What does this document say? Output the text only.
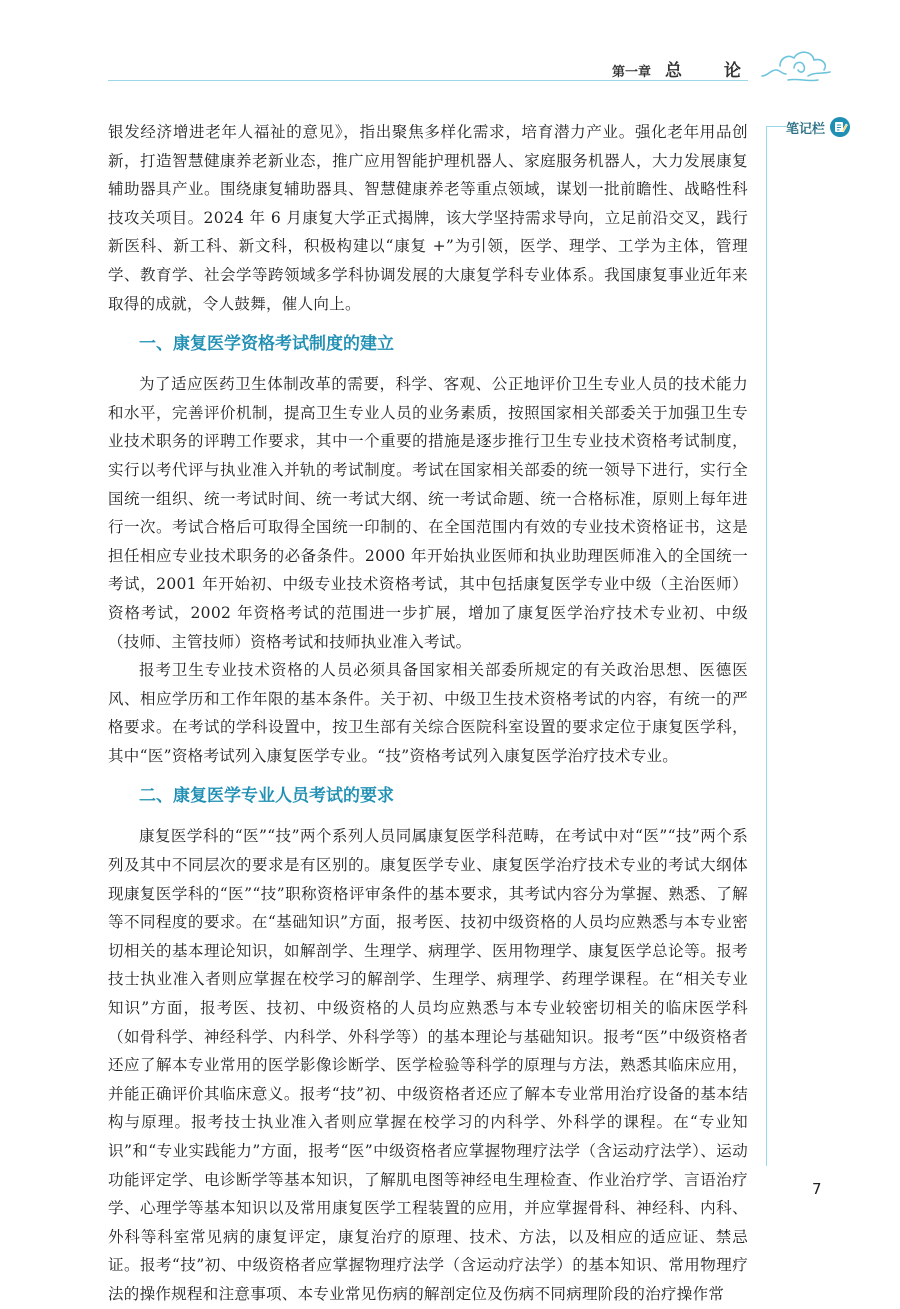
第一章 总 论
笔记栏

银发经济增进老年人福祉的意见》，指出聚焦多样化需求，培育潜力产业。强化老年用品创新，打造智慧健康养老新业态，推广应用智能护理机器人、家庭服务机器人，大力发展康复辅助器具产业。围绕康复辅助器具、智慧健康养老等重点领域，谋划一批前瞻性、战略性科技攻关项目。2024 年 6 月康复大学正式揭牌，该大学坚持需求导向，立足前沿交叉，践行新医科、新工科、新文科，积极构建以“康复 +”为引领，医学、理学、工学为主体，管理学、教育学、社会学等跨领域多学科协调发展的大康复学科专业体系。我国康复事业近年来取得的成就，令人鼓舞，催人向上。

一、康复医学资格考试制度的建立

为了适应医药卫生体制改革的需要，科学、客观、公正地评价卫生专业人员的技术能力和水平，完善评价机制，提高卫生专业人员的业务素质，按照国家相关部委关于加强卫生专业技术职务的评聘工作要求，其中一个重要的措施是逐步推行卫生专业技术资格考试制度，实行以考代评与执业准入并轨的考试制度。考试在国家相关部委的统一领导下进行，实行全国统一组织、统一考试时间、统一考试大纲、统一考试命题、统一合格标准，原则上每年进行一次。考试合格后可取得全国统一印制的、在全国范围内有效的专业技术资格证书，这是担任相应专业技术职务的必备条件。2000 年开始执业医师和执业助理医师准入的全国统一考试，2001 年开始初、中级专业技术资格考试，其中包括康复医学专业中级（主治医师）资格考试，2002 年资格考试的范围进一步扩展，增加了康复医学治疗技术专业初、中级（技师、主管技师）资格考试和技师执业准入考试。

报考卫生专业技术资格的人员必须具备国家相关部委所规定的有关政治思想、医德医风、相应学历和工作年限的基本条件。关于初、中级卫生技术资格考试的内容，有统一的严格要求。在考试的学科设置中，按卫生部有关综合医院科室设置的要求定位于康复医学科，其中“医”资格考试列入康复医学专业。“技”资格考试列入康复医学治疗技术专业。

二、康复医学专业人员考试的要求

康复医学科的“医”“技”两个系列人员同属康复医学科范畴，在考试中对“医”“技”两个系列及其中不同层次的要求是有区别的。康复医学专业、康复医学治疗技术专业的考试大纲体现康复医学科的“医”“技”职称资格评审条件的基本要求，其考试内容分为掌握、熟悉、了解等不同程度的要求。在“基础知识”方面，报考医、技初中级资格的人员均应熟悉与本专业密切相关的基本理论知识，如解剖学、生理学、病理学、医用物理学、康复医学总论等。报考技士执业准入者则应掌握在校学习的解剖学、生理学、病理学、药理学课程。在“相关专业知识”方面，报考医、技初、中级资格的人员均应熟悉与本专业较密切相关的临床医学科（如骨科学、神经科学、内科学、外科学等）的基本理论与基础知识。报考“医”中级资格者还应了解本专业常用的医学影像诊断学、医学检验等科学的原理与方法，熟悉其临床应用，并能正确评价其临床意义。报考“技”初、中级资格者还应了解本专业常用治疗设备的基本结构与原理。报考技士执业准入者则应掌握在校学习的内科学、外科学的课程。在“专业知识”和“专业实践能力”方面，报考“医”中级资格者应掌握物理疗法学（含运动疗法学）、运动功能评定学、电诊断学等基本知识，了解肌电图等神经电生理检查、作业治疗学、言语治疗学、心理学等基本知识以及常用康复医学工程装置的应用，并应掌握骨科、神经科、内科、外科等科室常见病的康复评定，康复治疗的原理、技术、方法，以及相应的适应证、禁忌证。报考“技”初、中级资格者应掌握物理疗法学（含运动疗法学）的基本知识、常用物理疗法的操作规程和注意事项、本专业常见伤病的解剖定位及伤病不同病理阶段的治疗操作常

7
